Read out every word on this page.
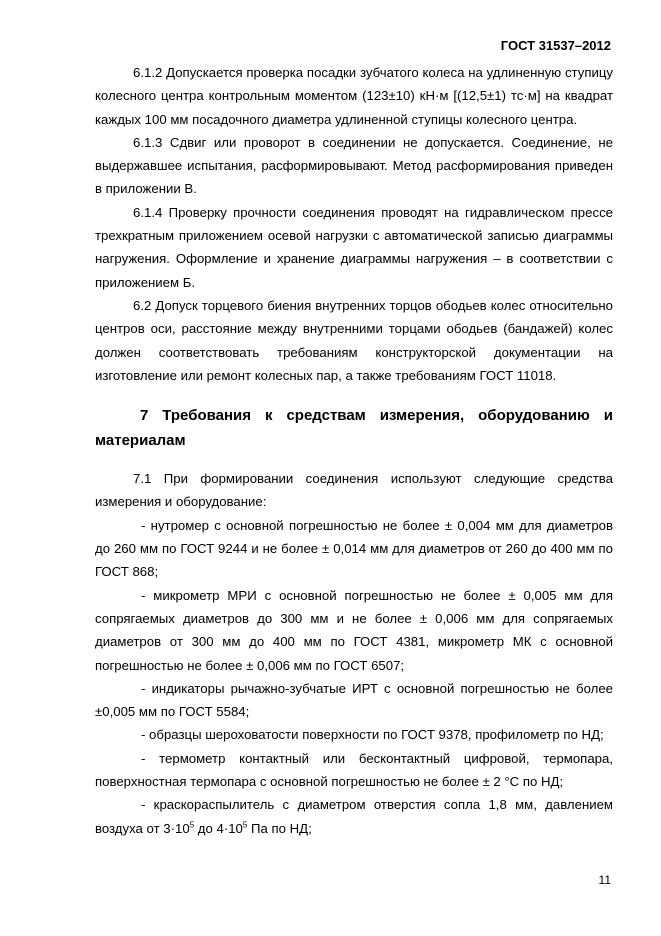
ГОСТ 31537–2012

6.1.2 Допускается проверка посадки зубчатого колеса на удлиненную ступицу колесного центра контрольным моментом (123±10) кН·м [(12,5±1) тс·м] на квадрат каждых 100 мм посадочного диаметра удлиненной ступицы колесного центра.

6.1.3 Сдвиг или проворот в соединении не допускается. Соединение, не выдержавшее испытания, расформировывают. Метод расформирования приведен в приложении В.

6.1.4 Проверку прочности соединения проводят на гидравлическом прессе трехкратным приложением осевой нагрузки с автоматической записью диаграммы нагружения. Оформление и хранение диаграммы нагружения – в соответствии с приложением Б.

6.2 Допуск торцевого биения внутренних торцов ободьев колес относительно центров оси, расстояние между внутренними торцами ободьев (бандажей) колес должен соответствовать требованиям конструкторской документации на изготовление или ремонт колесных пар, а также требованиям ГОСТ 11018.

7 Требования к средствам измерения, оборудованию и материалам

7.1 При формировании соединения используют следующие средства измерения и оборудование:

- нутромер с основной погрешностью не более ± 0,004 мм для диаметров до 260 мм по ГОСТ 9244 и не более ± 0,014 мм для диаметров от 260 до 400 мм по ГОСТ 868;

- микрометр МРИ с основной погрешностью не более ± 0,005 мм для сопрягаемых диаметров до 300 мм и не более ± 0,006 мм для сопрягаемых диаметров от 300 мм до 400 мм по ГОСТ 4381, микрометр МК с основной погрешностью не более ± 0,006 мм по ГОСТ 6507;

- индикаторы рычажно-зубчатые ИРТ с основной погрешностью не более ±0,005 мм по ГОСТ 5584;

- образцы шероховатости поверхности по ГОСТ 9378, профилометр по НД;

- термометр контактный или бесконтактный цифровой, термопара, поверхностная термопара с основной погрешностью не более ± 2 °С по НД;

- краскораспылитель с диаметром отверстия сопла 1,8 мм, давлением воздуха от $3\cdot 10^5$ до $4\cdot 10^5$ Па по НД;

11
